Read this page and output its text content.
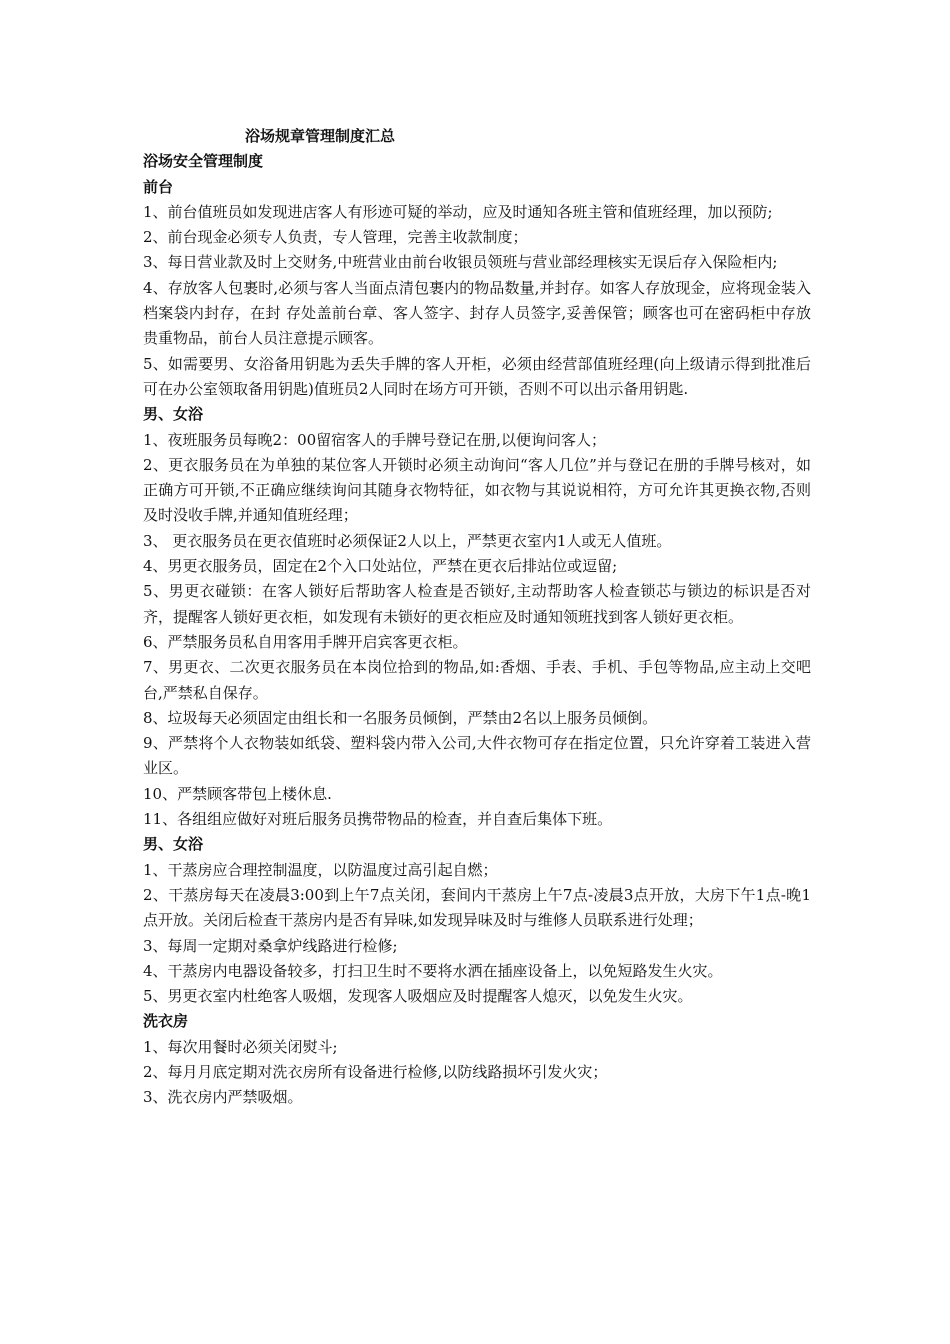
浴场规章管理制度汇总

浴场安全管理制度

前台

1、前台值班员如发现进店客人有形迹可疑的举动，应及时通知各班主管和值班经理，加以预防;

2、前台现金必须专人负责，专人管理，完善主收款制度；

3、每日营业款及时上交财务,中班营业由前台收银员领班与营业部经理核实无误后存入保险柜内;

4、存放客人包裹时,必须与客人当面点清包裹内的物品数量,并封存。如客人存放现金，应将现金装入档案袋内封存，在封 存处盖前台章、客人签字、封存人员签字,妥善保管；顾客也可在密码柜中存放贵重物品，前台人员注意提示顾客。

5、如需要男、女浴备用钥匙为丢失手牌的客人开柜，必须由经营部值班经理(向上级请示得到批准后可在办公室领取备用钥匙)值班员2人同时在场方可开锁，否则不可以出示备用钥匙.

男、女浴

1、夜班服务员每晚2：00留宿客人的手牌号登记在册,以便询问客人；

2、更衣服务员在为单独的某位客人开锁时必须主动询问“客人几位”并与登记在册的手牌号核对，如正确方可开锁,不正确应继续询问其随身衣物特征，如衣物与其说说相符，方可允许其更换衣物,否则及时没收手牌,并通知值班经理；

3、 更衣服务员在更衣值班时必须保证2人以上，严禁更衣室内1人或无人值班。

4、男更衣服务员，固定在2个入口处站位，严禁在更衣后排站位或逗留;

5、男更衣碰锁：在客人锁好后帮助客人检查是否锁好,主动帮助客人检查锁芯与锁边的标识是否对齐，提醒客人锁好更衣柜，如发现有未锁好的更衣柜应及时通知领班找到客人锁好更衣柜。

6、严禁服务员私自用客用手牌开启宾客更衣柜。

7、男更衣、二次更衣服务员在本岗位拾到的物品,如:香烟、手表、手机、手包等物品,应主动上交吧台,严禁私自保存。

8、垃圾每天必须固定由组长和一名服务员倾倒，严禁由2名以上服务员倾倒。

9、严禁将个人衣物装如纸袋、塑料袋内带入公司,大件衣物可存在指定位置，只允许穿着工装进入营业区。

10、严禁顾客带包上楼休息.

11、各组组应做好对班后服务员携带物品的检查，并自查后集体下班。

男、女浴

1、干蒸房应合理控制温度，以防温度过高引起自燃；

2、干蒸房每天在凌晨3:00到上午7点关闭，套间内干蒸房上午7点-凌晨3点开放，大房下午1点-晚1点开放。关闭后检查干蒸房内是否有异味,如发现异味及时与维修人员联系进行处理；

3、每周一定期对桑拿炉线路进行检修;

4、干蒸房内电器设备较多，打扫卫生时不要将水洒在插座设备上，以免短路发生火灾。

5、男更衣室内杜绝客人吸烟，发现客人吸烟应及时提醒客人熄灭，以免发生火灾。

洗衣房

1、每次用餐时必须关闭熨斗;

2、每月月底定期对洗衣房所有设备进行检修,以防线路损坏引发火灾；

3、洗衣房内严禁吸烟。
